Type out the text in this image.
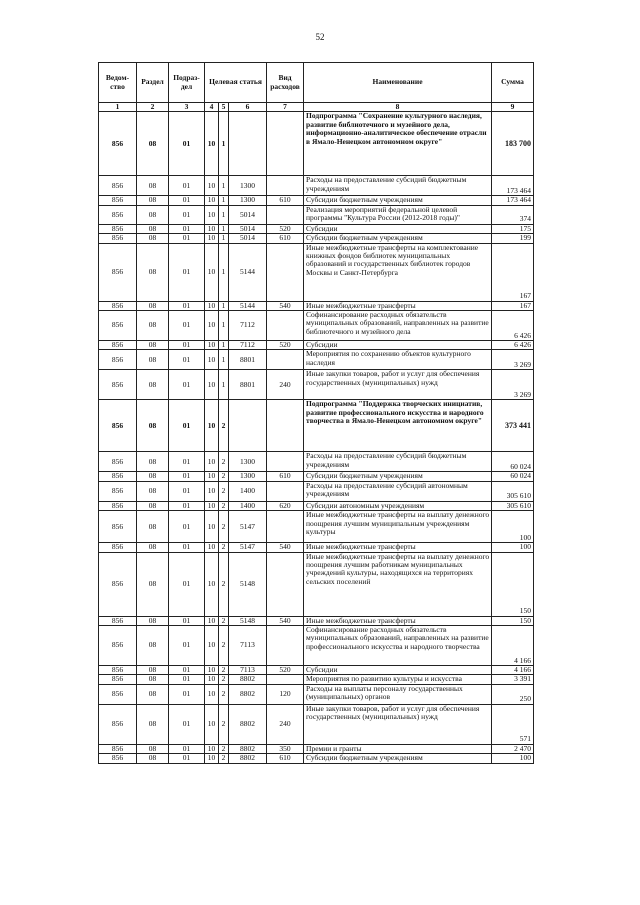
52
Ведом-ство	Раздел	Подраз-дел	Целевая статья			Вид расходов	Наименование	Сумма
1	2	3	4	5	6	7	8	9
856	08	01	10	1			Подпрограмма "Сохранение культурного наследия, развитие библиотечного и музейного дела, информационно-аналитическое обеспечение отрасли в Ямало-Ненецком автономном округе"	183 700
856	08	01	10	1	1300		Расходы на предоставление субсидий бюджетным учреждениям	173 464
856	08	01	10	1	1300	610	Субсидии бюджетным учреждениям	173 464
856	08	01	10	1	5014		Реализация мероприятий федеральной целевой программы "Культура России (2012-2018 годы)"	374
856	08	01	10	1	5014	520	Субсидии	175
856	08	01	10	1	5014	610	Субсидии бюджетным учреждениям	199
856	08	01	10	1	5144		Иные межбюджетные трансферты на комплектование книжных фондов библиотек муниципальных образований и государственных библиотек городов Москвы и Санкт-Петербурга	167
856	08	01	10	1	5144	540	Иные межбюджетные трансферты	167
856	08	01	10	1	7112		Софинансирование расходных обязательств муниципальных образований, направленных на развитие библиотечного и музейного дела	6 426
856	08	01	10	1	7112	520	Субсидии	6 426
856	08	01	10	1	8801		Мероприятия по сохранению объектов культурного наследия	3 269
856	08	01	10	1	8801	240	Иные закупки товаров, работ и услуг для обеспечения государственных (муниципальных) нужд	3 269
856	08	01	10	2			Подпрограмма "Поддержка творческих инициатив, развитие профессионального искусства и народного творчества в Ямало-Ненецком автономном округе"	373 441
856	08	01	10	2	1300		Расходы на предоставление субсидий бюджетным учреждениям	60 024
856	08	01	10	2	1300	610	Субсидии бюджетным учреждениям	60 024
856	08	01	10	2	1400		Расходы на предоставление субсидий автономным учреждениям	305 610
856	08	01	10	2	1400	620	Субсидии автономным учреждениям	305 610
856	08	01	10	2	5147		Иные межбюджетные трансферты на выплату денежного поощрения лучшим муниципальным учреждениям культуры	100
856	08	01	10	2	5147	540	Иные межбюджетные трансферты	100
856	08	01	10	2	5148		Иные межбюджетные трансферты на выплату денежного поощрения лучшим работникам муниципальных учреждений культуры, находящихся на территориях сельских поселений	150
856	08	01	10	2	5148	540	Иные межбюджетные трансферты	150
856	08	01	10	2	7113		Софинансирование расходных обязательств муниципальных образований, направленных на развитие профессионального искусства и народного творчества	4 166
856	08	01	10	2	7113	520	Субсидии	4 166
856	08	01	10	2	8802		Мероприятия по развитию культуры и искусства	3 391
856	08	01	10	2	8802	120	Расходы на выплаты персоналу государственных (муниципальных) органов	250
856	08	01	10	2	8802	240	Иные закупки товаров, работ и услуг для обеспечения государственных (муниципальных) нужд	571
856	08	01	10	2	8802	350	Премии и гранты	2 470
856	08	01	10	2	8802	610	Субсидии бюджетным учреждениям	100
